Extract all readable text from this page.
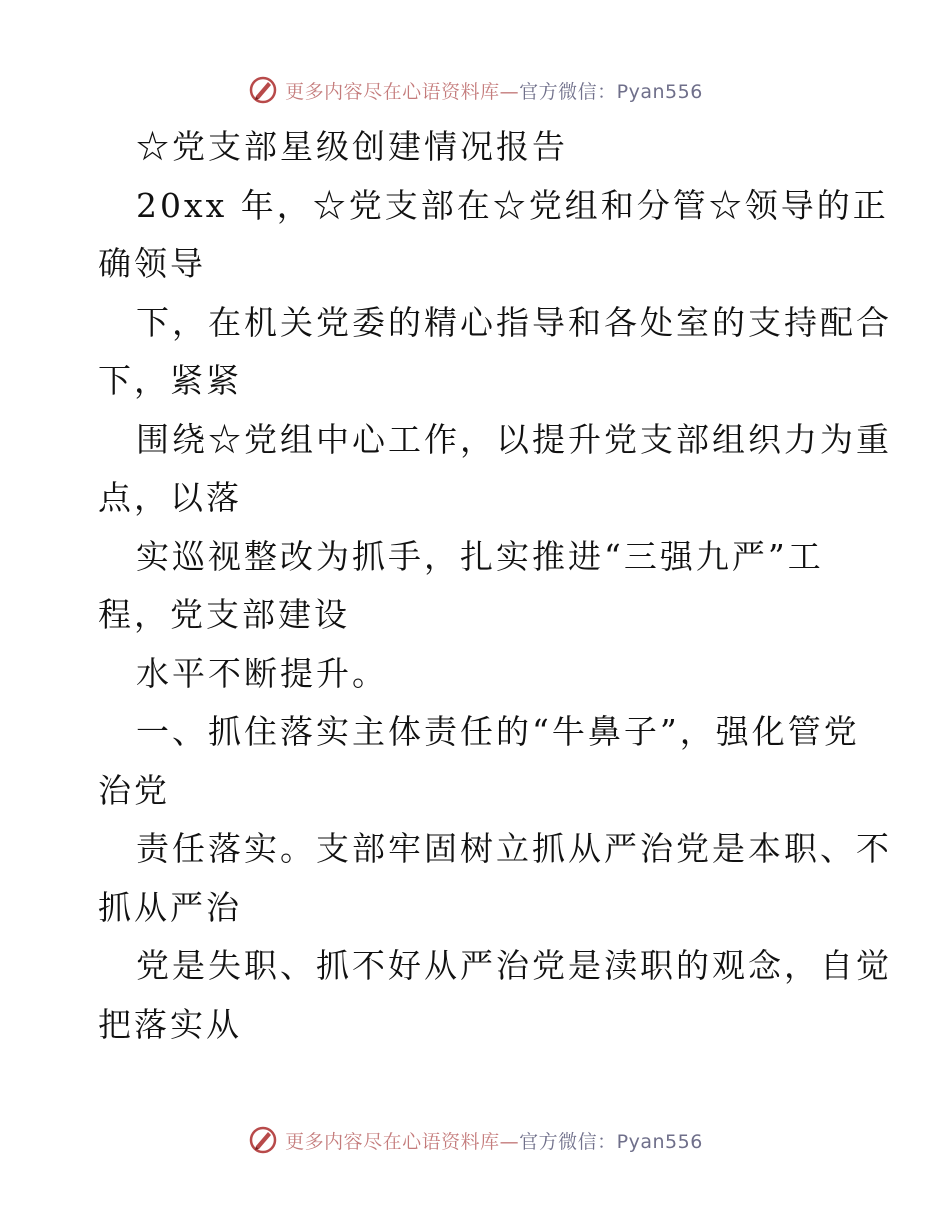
更多内容尽在心语资料库—官方微信：Pyan556
☆党支部星级创建情况报告
20xx 年，☆党支部在☆党组和分管☆领导的正
确领导
下，在机关党委的精心指导和各处室的支持配合
下，紧紧
围绕☆党组中心工作，以提升党支部组织力为重
点，以落
实巡视整改为抓手，扎实推进“三强九严”工
程，党支部建设
水平不断提升。
一、抓住落实主体责任的“牛鼻子”，强化管党
治党
责任落实。支部牢固树立抓从严治党是本职、不
抓从严治
党是失职、抓不好从严治党是渎职的观念，自觉
把落实从
更多内容尽在心语资料库—官方微信：Pyan556
